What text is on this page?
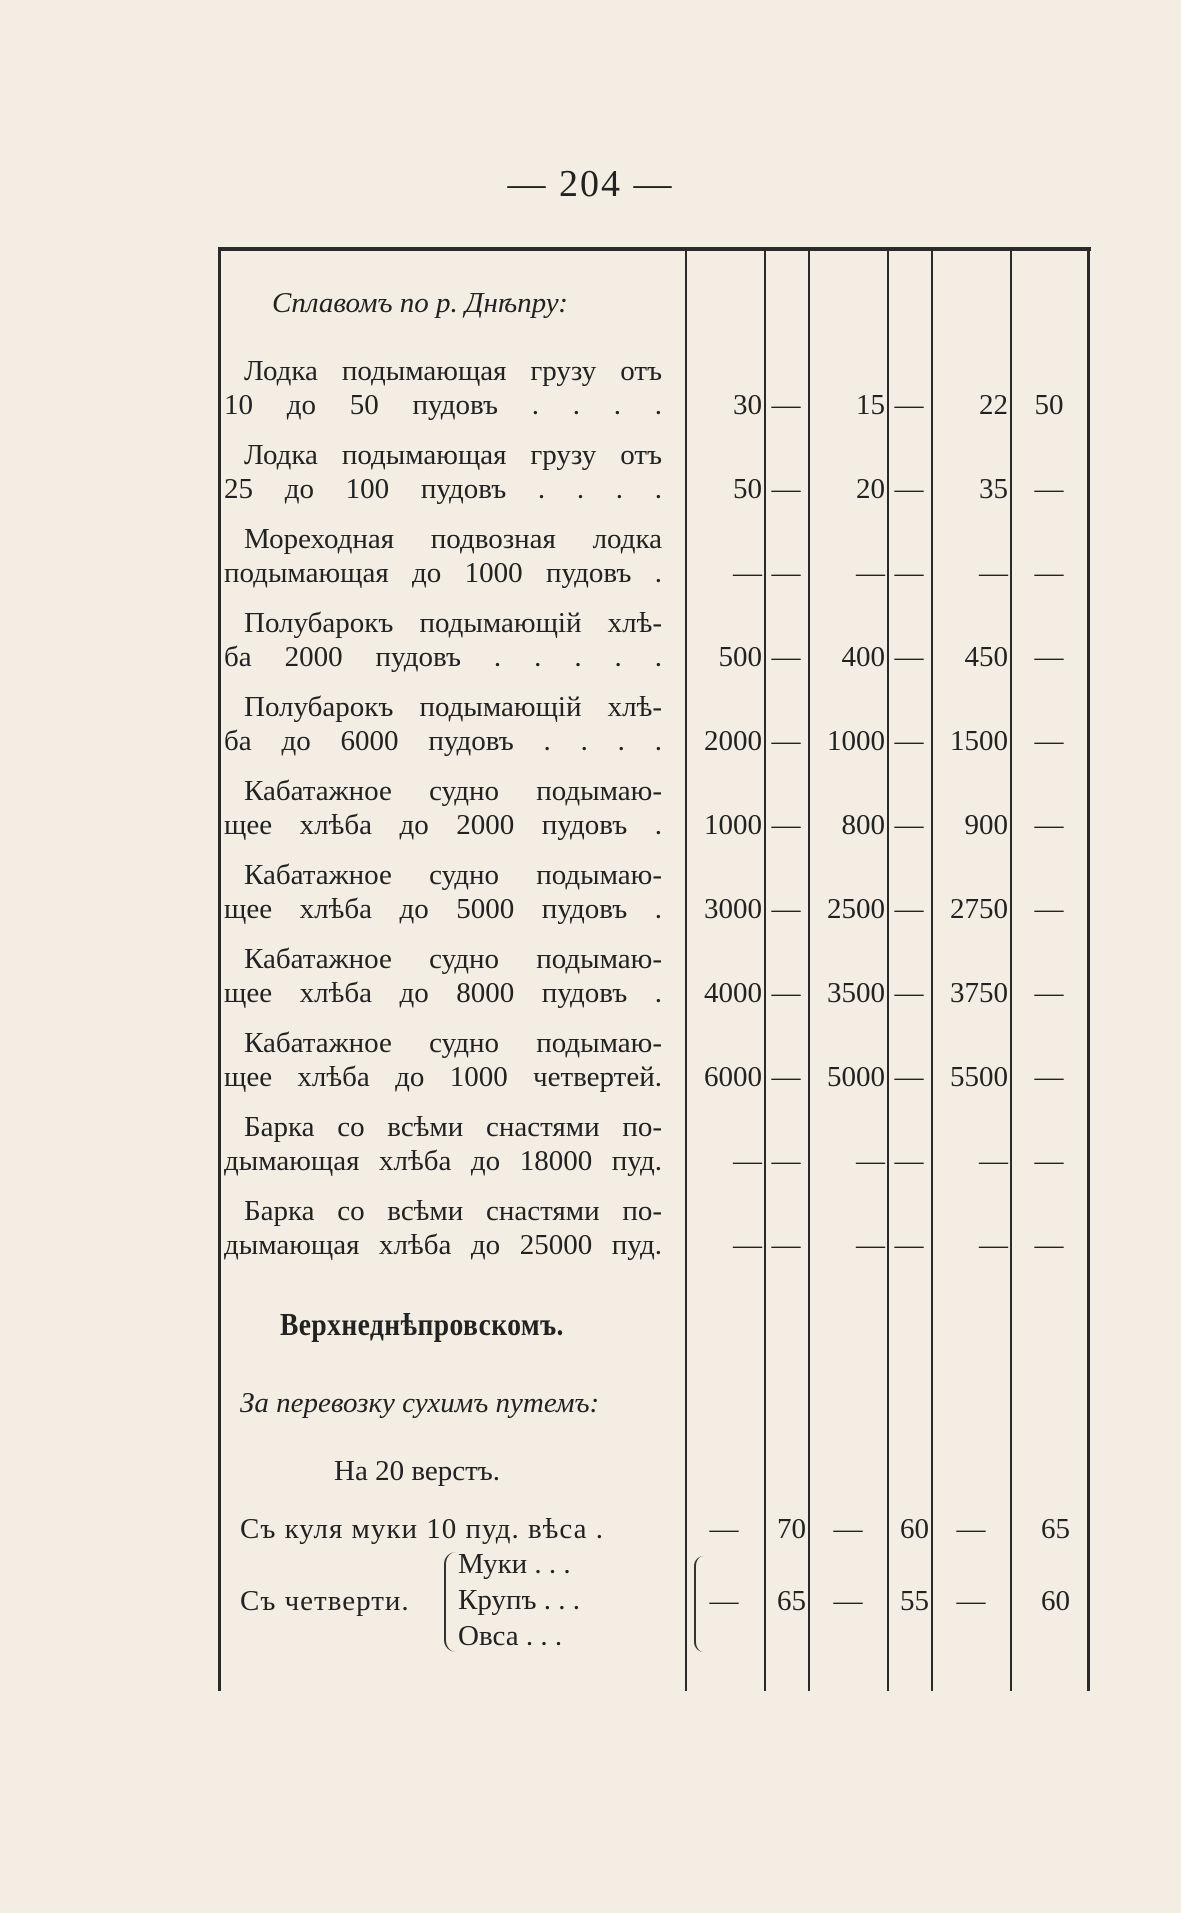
— 204 —
Сплавомъ по р. Днѣпру:
Лодка подымающая грузу отъ
10 до 50 пудовъ . . . .	30 —	15 —	22 50
Лодка подымающая грузу отъ
25 до 100 пудовъ . . . .	50 —	20 —	35 —
Мореходная подвозная лодка
подымающая до 1000 пудовъ .	— —	— —	— —
Полубарокъ подымающій хлѣ-
ба 2000 пудовъ . . . . .	500 —	400 —	450 —
Полубарокъ подымающій хлѣ-
ба до 6000 пудовъ . . . .	2000 — 1000 — 1500 —
Кабатажное судно подымаю-
щее хлѣба до 2000 пудовъ .	1000 —	800 —	900 —
Кабатажное судно подымаю-
щее хлѣба до 5000 пудовъ .	3000 — 2500 — 2750 —
Кабатажное судно подымаю-
щее хлѣба до 8000 пудовъ .	4000 — 3500 — 3750 —
Кабатажное судно подымаю-
щее хлѣба до 1000 четвертей.	6000 — 5000 — 5500 —
Барка со всѣми снастями по-
дымающая хлѣба до 18000 пуд.	— —	— —	— —
Барка со всѣми снастями по-
дымающая хлѣба до 25000 пуд.	— —	— —	— —
Верхнеднѣпровскомъ.
За перевозку сухимъ путемъ:
На 20 верстъ.
Съ куля муки 10 пуд. вѣса .	—	70 —	60 —	65
Съ четверти.
Муки . . .
Крупъ . . .
Овса . . .
—	65 —	55 —	60
